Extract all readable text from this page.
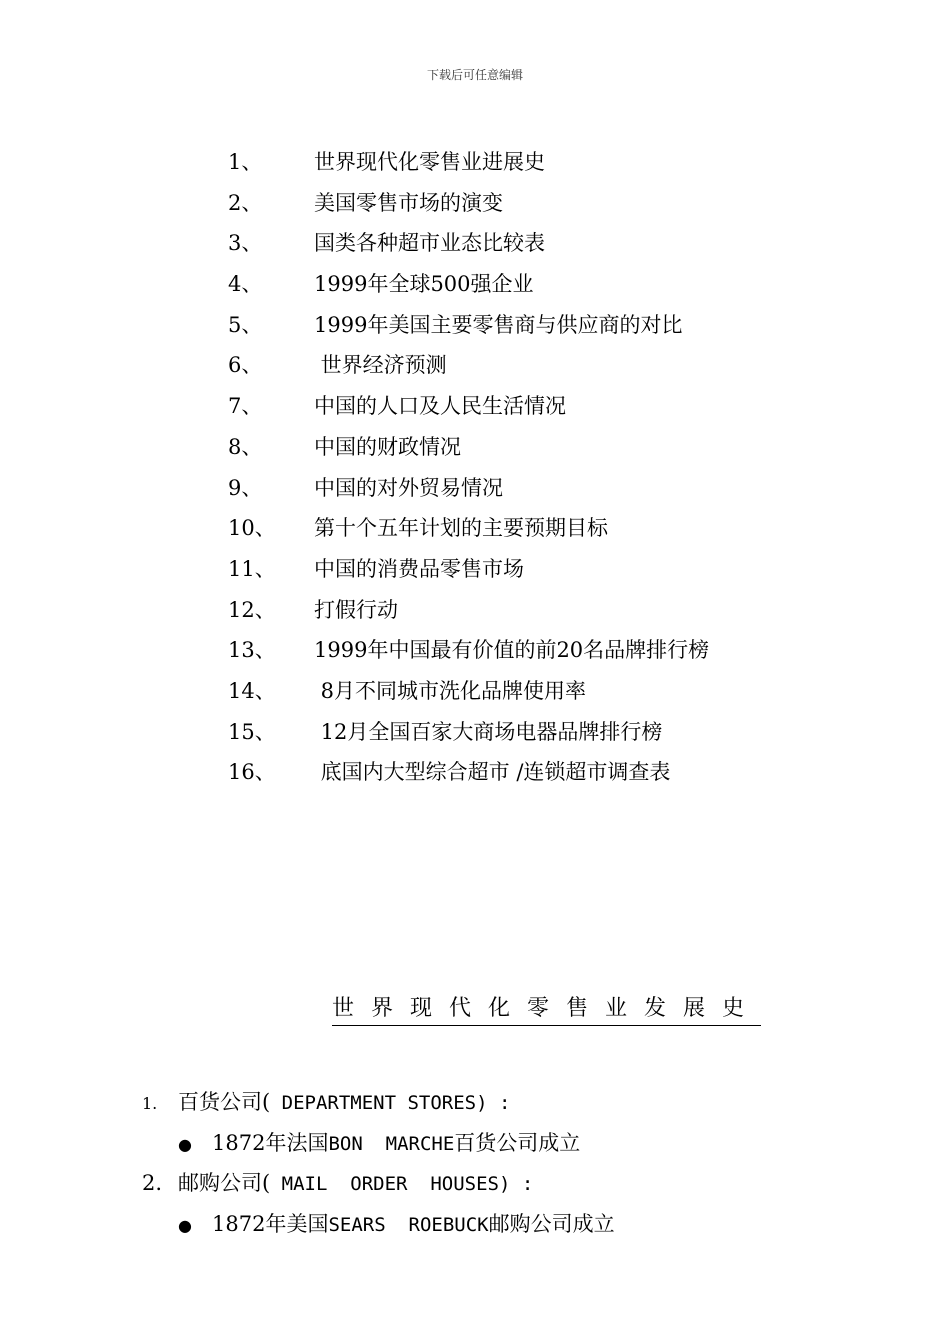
下载后可任意编辑
1、 世界现代化零售业进展史
2、 美国零售市场的演变
3、 国类各种超市业态比较表
4、 1999年全球500强企业
5、 1999年美国主要零售商与供应商的对比
6、 世界经济预测
7、 中国的人口及人民生活情况
8、 中国的财政情况
9、 中国的对外贸易情况
10、 第十个五年计划的主要预期目标
11、 中国的消费品零售市场
12、 打假行动
13、 1999年中国最有价值的前20名品牌排行榜
14、 8月不同城市洗化品牌使用率
15、 12月全国百家大商场电器品牌排行榜
16、 底国内大型综合超市 /连锁超市调查表
世界现代化零售业发展史
1. 百货公司( DEPARTMENT STORES) :
● 1872年法国BON  MARCHE百货公司成立
2. 邮购公司( MAIL  ORDER  HOUSES) :
● 1872年美国SEARS  ROEBUCK邮购公司成立
